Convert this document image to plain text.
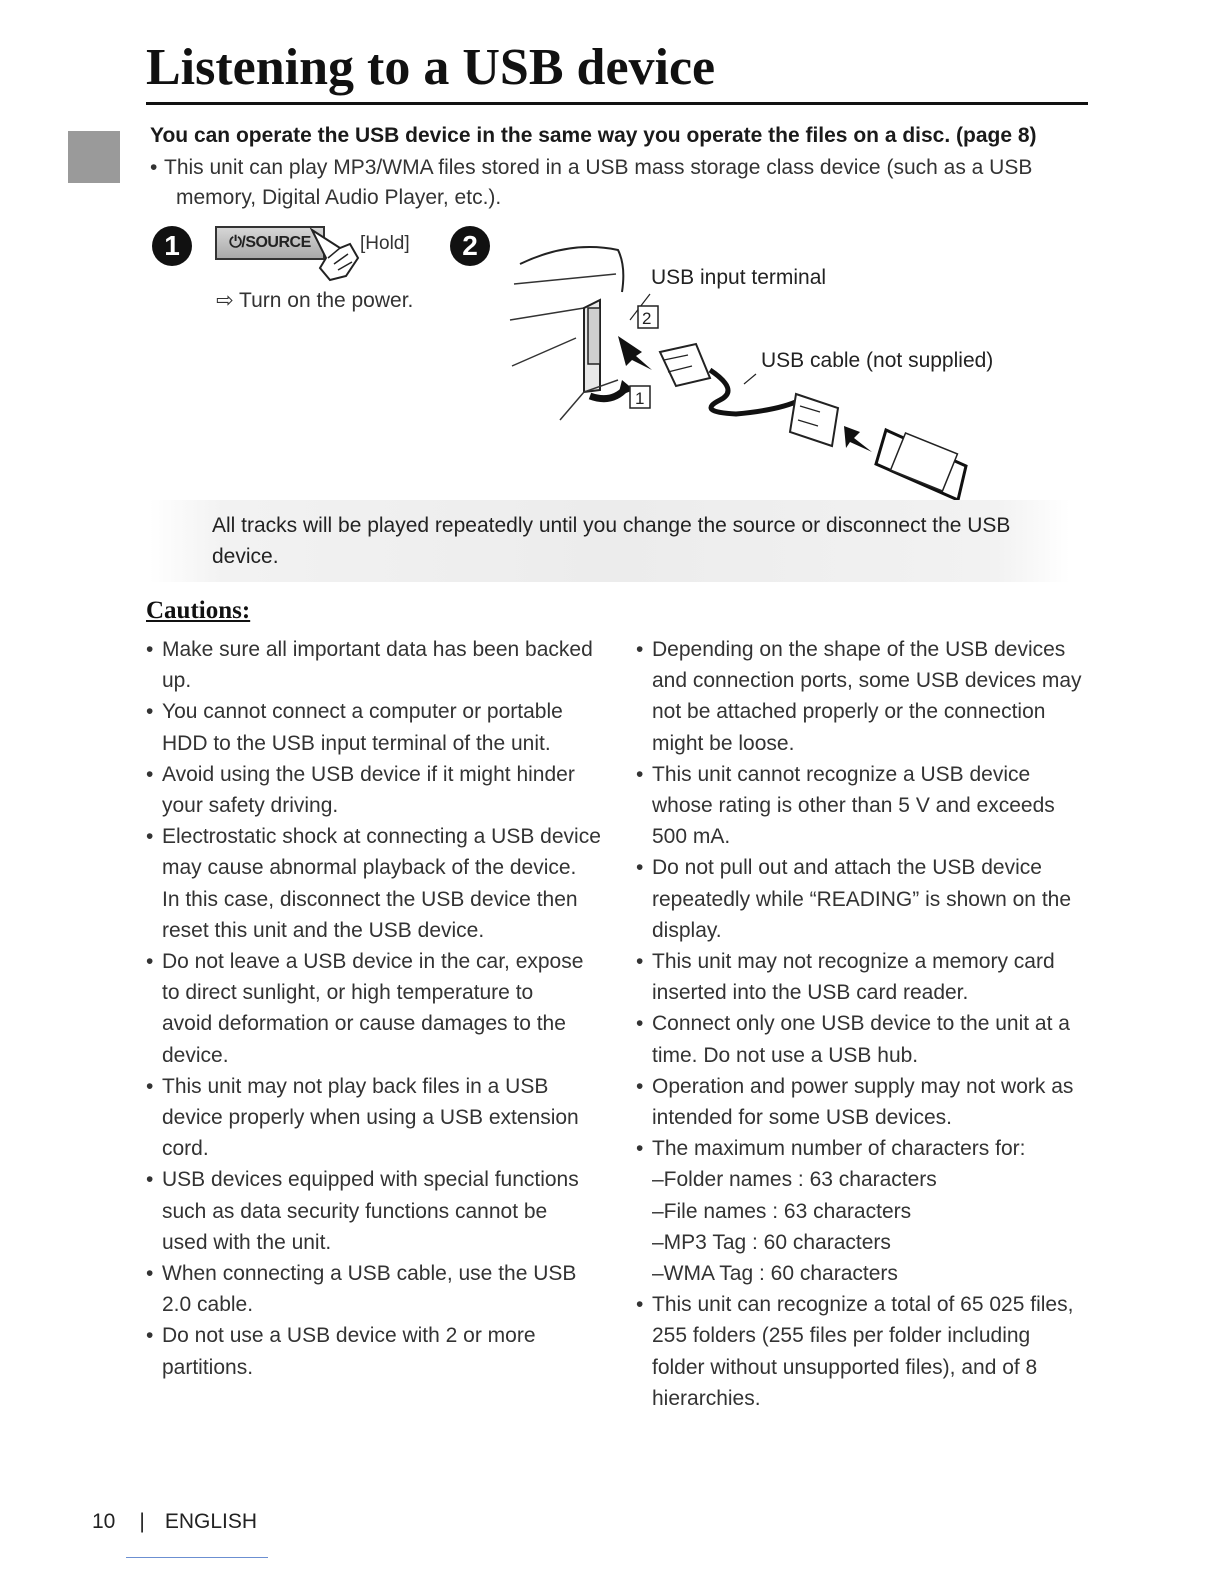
Listening to a USB device
You can operate the USB device in the same way you operate the files on a disc. (page 8)
• This unit can play MP3/WMA files stored in a USB mass storage class device (such as a USB
memory, Digital Audio Player, etc.).
1	⏻/SOURCE	[Hold]
⇨ Turn on the power.
2
2
1
USB input terminal
USB cable (not supplied)
All tracks will be played repeatedly until you change the source or disconnect the USB
device.
Cautions:
• Make sure all important data has been backed
up.
• You cannot connect a computer or portable
HDD to the USB input terminal of the unit.
• Avoid using the USB device if it might hinder
your safety driving.
• Electrostatic shock at connecting a USB device
may cause abnormal playback of the device.
In this case, disconnect the USB device then
reset this unit and the USB device.
• Do not leave a USB device in the car, expose
to direct sunlight, or high temperature to
avoid deformation or cause damages to the
device.
• This unit may not play back files in a USB
device properly when using a USB extension
cord.
• USB devices equipped with special functions
such as data security functions cannot be
used with the unit.
• When connecting a USB cable, use the USB
2.0 cable.
• Do not use a USB device with 2 or more
partitions.
• Depending on the shape of the USB devices
and connection ports, some USB devices may
not be attached properly or the connection
might be loose.
• This unit cannot recognize a USB device
whose rating is other than 5 V and exceeds
500 mA.
• Do not pull out and attach the USB device
repeatedly while “READING” is shown on the
display.
• This unit may not recognize a memory card
inserted into the USB card reader.
• Connect only one USB device to the unit at a
time. Do not use a USB hub.
• Operation and power supply may not work as
intended for some USB devices.
• The maximum number of characters for:
–Folder names : 63 characters
–File names : 63 characters
–MP3 Tag : 60 characters
–WMA Tag : 60 characters
• This unit can recognize a total of 65 025 files,
255 folders (255 files per folder including
folder without unsupported files), and of 8
hierarchies.
10 | ENGLISH
